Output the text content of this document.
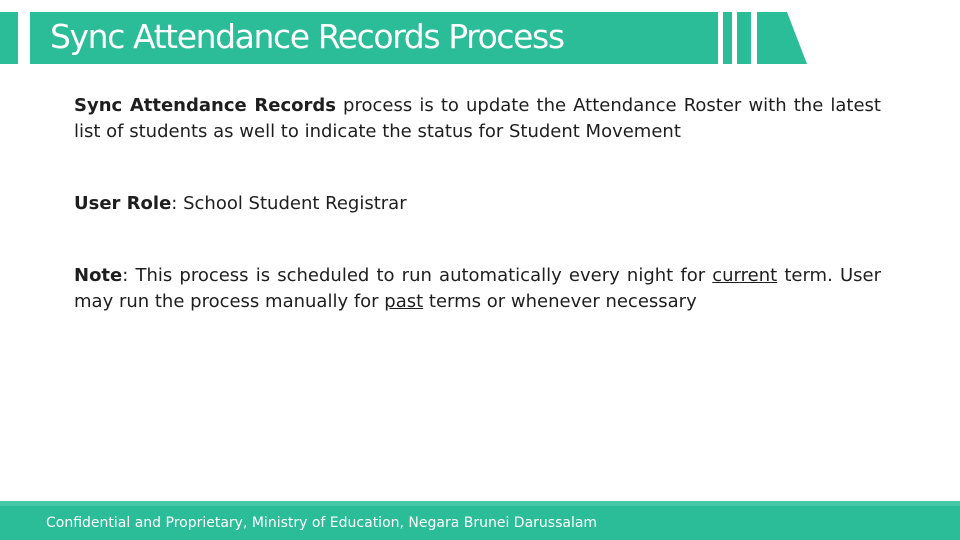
Sync Attendance Records Process

Sync Attendance Records process is to update the Attendance Roster with the latest list of students as well to indicate the status for Student Movement

User Role: School Student Registrar

Note: This process is scheduled to run automatically every night for current term. User may run the process manually for past terms or whenever necessary

Confidential and Proprietary, Ministry of Education, Negara Brunei Darussalam
